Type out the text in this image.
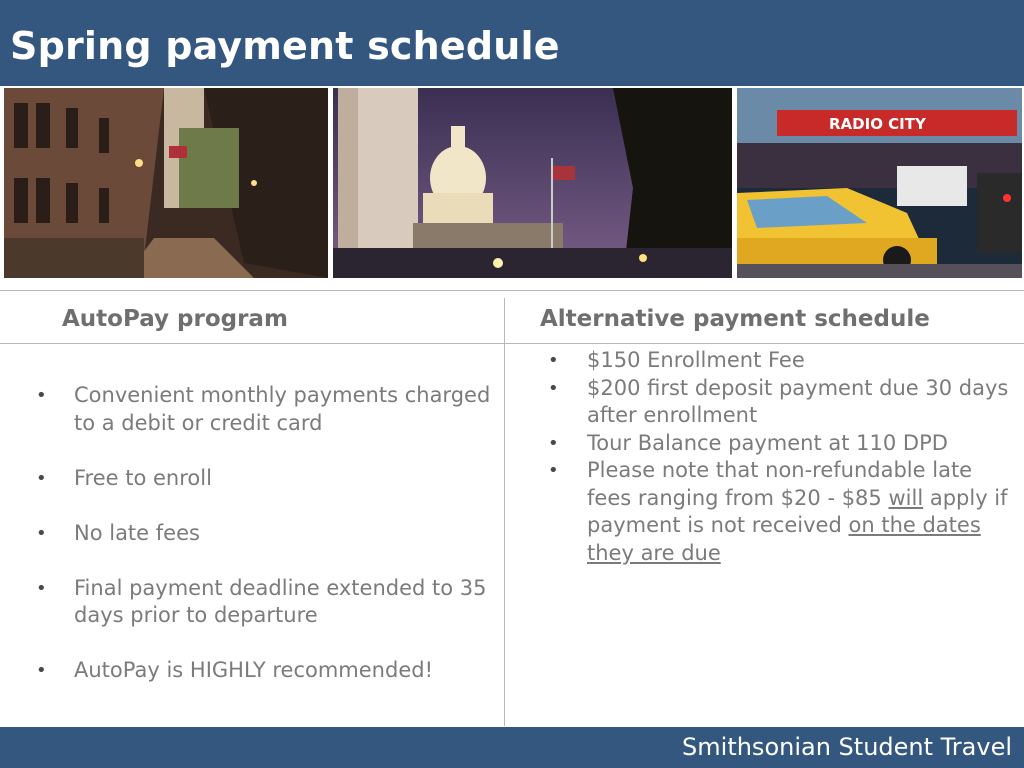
Spring payment schedule
RADIO CITY
AutoPay program	Alternative payment schedule
• Convenient monthly payments charged to a debit or credit card
• Free to enroll
• No late fees
• Final payment deadline extended to 35 days prior to departure
• AutoPay is HIGHLY recommended!
• $150 Enrollment Fee
• $200 first deposit payment due 30 days after enrollment
• Tour Balance payment at 110 DPD
• Please note that non-refundable late fees ranging from $20 - $85 will apply if payment is not received on the dates they are due
Smithsonian Student Travel
